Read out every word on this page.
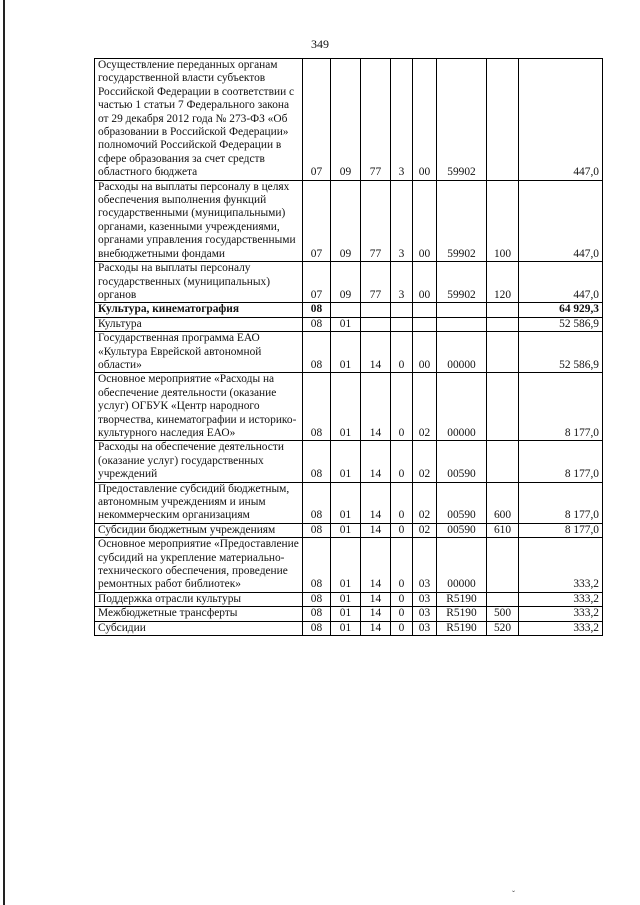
349
Осуществление переданных органам государственной власти субъектов Российской Федерации в соответствии с частью 1 статьи 7 Федерального закона от 29 декабря 2012 года № 273-ФЗ «Об образовании в Российской Федерации» полномочий Российской Федерации в сфере образования за счет средств областного бюджета	07	09	77	3	00	59902		447,0
Расходы на выплаты персоналу в целях обеспечения выполнения функций государственными (муниципальными) органами, казенными учреждениями, органами управления государственными внебюджетными фондами	07	09	77	3	00	59902	100	447,0
Расходы на выплаты персоналу государственных (муниципальных) органов	07	09	77	3	00	59902	120	447,0
Культура, кинематография	08							64 929,3
Культура	08	01						52 586,9
Государственная программа ЕАО «Культура Еврейской автономной области»	08	01	14	0	00	00000		52 586,9
Основное мероприятие «Расходы на обеспечение деятельности (оказание услуг) ОГБУК «Центр народного творчества, кинематографии и историко-культурного наследия ЕАО»	08	01	14	0	02	00000		8 177,0
Расходы на обеспечение деятельности (оказание услуг) государственных учреждений	08	01	14	0	02	00590		8 177,0
Предоставление субсидий бюджетным, автономным учреждениям и иным некоммерческим организациям	08	01	14	0	02	00590	600	8 177,0
Субсидии бюджетным учреждениям	08	01	14	0	02	00590	610	8 177,0
Основное мероприятие «Предоставление субсидий на укрепление материально-технического обеспечения, проведение ремонтных работ библиотек»	08	01	14	0	03	00000		333,2
Поддержка отрасли культуры	08	01	14	0	03	R5190		333,2
Межбюджетные трансферты	08	01	14	0	03	R5190	500	333,2
Субсидии	08	01	14	0	03	R5190	520	333,2
ˇ
